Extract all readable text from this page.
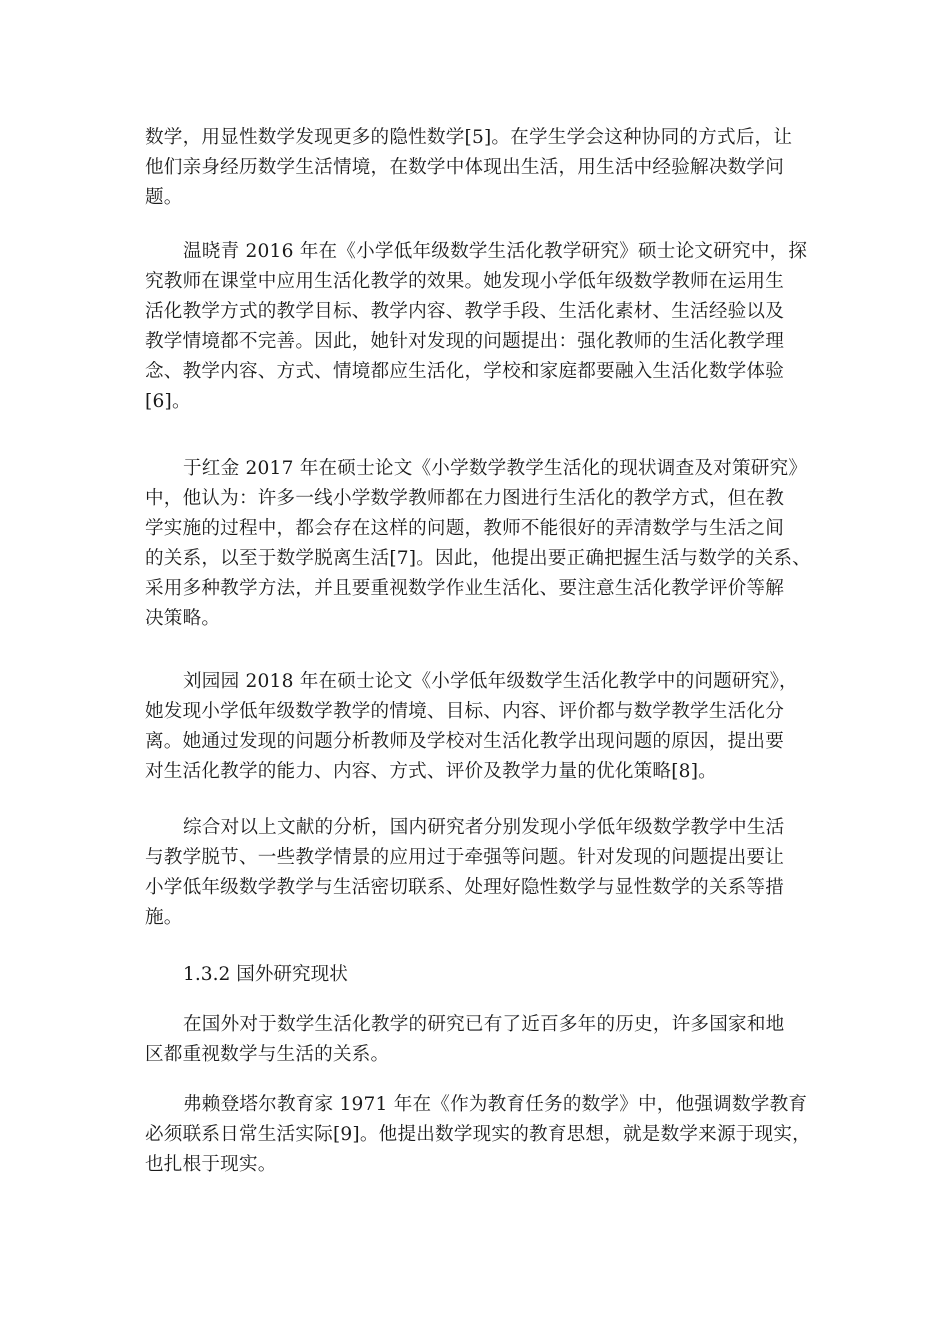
数学，用显性数学发现更多的隐性数学[5]。在学生学会这种协同的方式后，让
他们亲身经历数学生活情境，在数学中体现出生活，用生活中经验解决数学问
题。
温晓青 2016 年在《小学低年级数学生活化教学研究》硕士论文研究中，探
究教师在课堂中应用生活化教学的效果。她发现小学低年级数学教师在运用生
活化教学方式的教学目标、教学内容、教学手段、生活化素材、生活经验以及
教学情境都不完善。因此，她针对发现的问题提出：强化教师的生活化教学理
念、教学内容、方式、情境都应生活化，学校和家庭都要融入生活化数学体验
[6]。
于红金 2017 年在硕士论文《小学数学教学生活化的现状调查及对策研究》
中，他认为：许多一线小学数学教师都在力图进行生活化的教学方式，但在教
学实施的过程中，都会存在这样的问题，教师不能很好的弄清数学与生活之间
的关系，以至于数学脱离生活[7]。因此，他提出要正确把握生活与数学的关系、
采用多种教学方法，并且要重视数学作业生活化、要注意生活化教学评价等解
决策略。
刘园园 2018 年在硕士论文《小学低年级数学生活化教学中的问题研究》，
她发现小学低年级数学教学的情境、目标、内容、评价都与数学教学生活化分
离。她通过发现的问题分析教师及学校对生活化教学出现问题的原因，提出要
对生活化教学的能力、内容、方式、评价及教学力量的优化策略[8]。
综合对以上文献的分析，国内研究者分别发现小学低年级数学教学中生活
与教学脱节、一些教学情景的应用过于牵强等问题。针对发现的问题提出要让
小学低年级数学教学与生活密切联系、处理好隐性数学与显性数学的关系等措
施。
1.3.2 国外研究现状
在国外对于数学生活化教学的研究已有了近百多年的历史，许多国家和地
区都重视数学与生活的关系。
弗赖登塔尔教育家 1971 年在《作为教育任务的数学》中，他强调数学教育
必须联系日常生活实际[9]。他提出数学现实的教育思想，就是数学来源于现实，
也扎根于现实。
